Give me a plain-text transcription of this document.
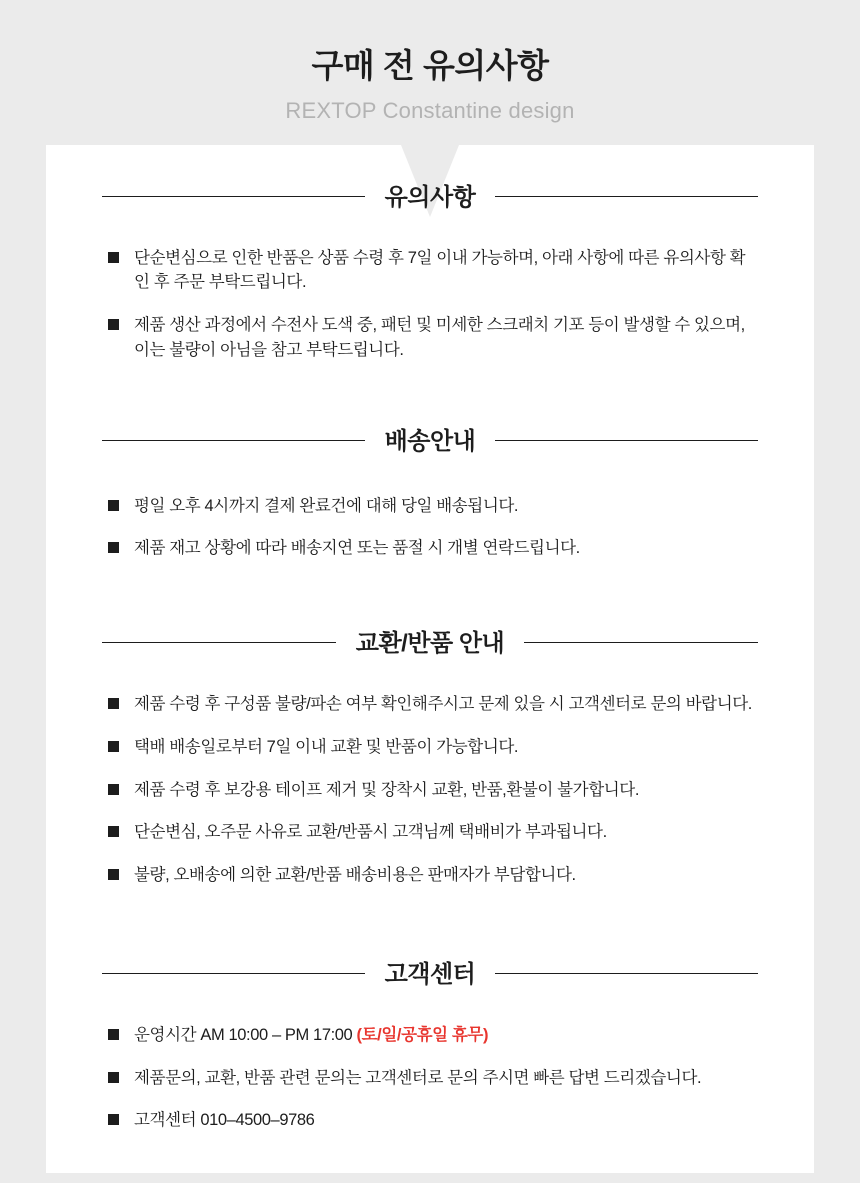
구매 전 유의사항
REXTOP Constantine design
유의사항
단순변심으로 인한 반품은 상품 수령 후 7일 이내 가능하며, 아래 사항에 따른 유의사항 확인 후 주문 부탁드립니다.
제품 생산 과정에서 수전사 도색 중, 패턴 및 미세한 스크래치 기포 등이 발생할 수 있으며, 이는 불량이 아님을 참고 부탁드립니다.
배송안내
평일 오후 4시까지 결제 완료건에 대해 당일 배송됩니다.
제품 재고 상황에 따라 배송지연 또는 품절 시 개별 연락드립니다.
교환/반품 안내
제품 수령 후 구성품 불량/파손 여부 확인해주시고 문제 있을 시 고객센터로 문의 바랍니다.
택배 배송일로부터 7일 이내 교환 및 반품이 가능합니다.
제품 수령 후 보강용 테이프 제거 및 장착시 교환, 반품,환불이 불가합니다.
단순변심, 오주문 사유로 교환/반품시 고객님께 택배비가 부과됩니다.
불량, 오배송에 의한 교환/반품 배송비용은 판매자가 부담합니다.
고객센터
운영시간 AM 10:00 – PM 17:00 (토/일/공휴일 휴무)
제품문의, 교환, 반품 관련 문의는 고객센터로 문의 주시면 빠른 답변 드리겠습니다.
고객센터 010–4500–9786
